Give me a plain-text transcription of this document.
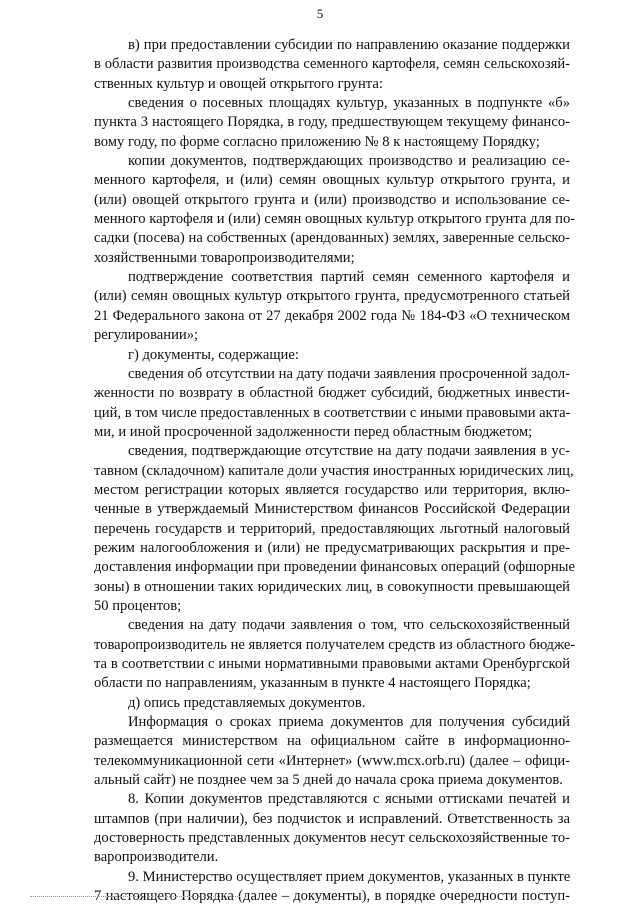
5
в) при предоставлении субсидии по направлению оказание поддержки
в области развития производства семенного картофеля, семян сельскохозяй-
ственных культур и овощей открытого грунта:
сведения о посевных площадях культур, указанных в подпункте «б»
пункта 3 настоящего Порядка, в году, предшествующем текущему финансо-
вому году, по форме согласно приложению № 8 к настоящему Порядку;
копии документов, подтверждающих производство и реализацию се-
менного картофеля, и (или) семян овощных культур открытого грунта, и
(или) овощей открытого грунта и (или) производство и использование се-
менного картофеля и (или) семян овощных культур открытого грунта для по-
садки (посева) на собственных (арендованных) землях, заверенные сельско-
хозяйственными товаропроизводителями;
подтверждение соответствия партий семян семенного картофеля и
(или) семян овощных культур открытого грунта, предусмотренного статьей
21 Федерального закона от 27 декабря 2002 года № 184-ФЗ «О техническом
регулировании»;
г) документы, содержащие:
сведения об отсутствии на дату подачи заявления просроченной задол-
женности по возврату в областной бюджет субсидий, бюджетных инвести-
ций, в том числе предоставленных в соответствии с иными правовыми акта-
ми, и иной просроченной задолженности перед областным бюджетом;
сведения, подтверждающие отсутствие на дату подачи заявления в ус-
тавном (складочном) капитале доли участия иностранных юридических лиц,
местом регистрации которых является государство или территория, вклю-
ченные в утверждаемый Министерством финансов Российской Федерации
перечень государств и территорий, предоставляющих льготный налоговый
режим налогообложения и (или) не предусматривающих раскрытия и пре-
доставления информации при проведении финансовых операций (офшорные
зоны) в отношении таких юридических лиц, в совокупности превышающей
50 процентов;
сведения на дату подачи заявления о том, что сельскохозяйственный
товаропроизводитель не является получателем средств из областного бюдже-
та в соответствии с иными нормативными правовыми актами Оренбургской
области по направлениям, указанным в пункте 4 настоящего Порядка;
д) опись представляемых документов.
Информация о сроках приема документов для получения субсидий
размещается министерством на официальном сайте в информационно-
телекоммуникационной сети «Интернет» (www.mcx.orb.ru) (далее – офици-
альный сайт) не позднее чем за 5 дней до начала срока приема документов.
8. Копии документов представляются с ясными оттисками печатей и
штампов (при наличии), без подчисток и исправлений. Ответственность за
достоверность представленных документов несут сельскохозяйственные то-
варопроизводители.
9. Министерство осуществляет прием документов, указанных в пункте
7 настоящего Порядка (далее – документы), в порядке очередности поступ-
